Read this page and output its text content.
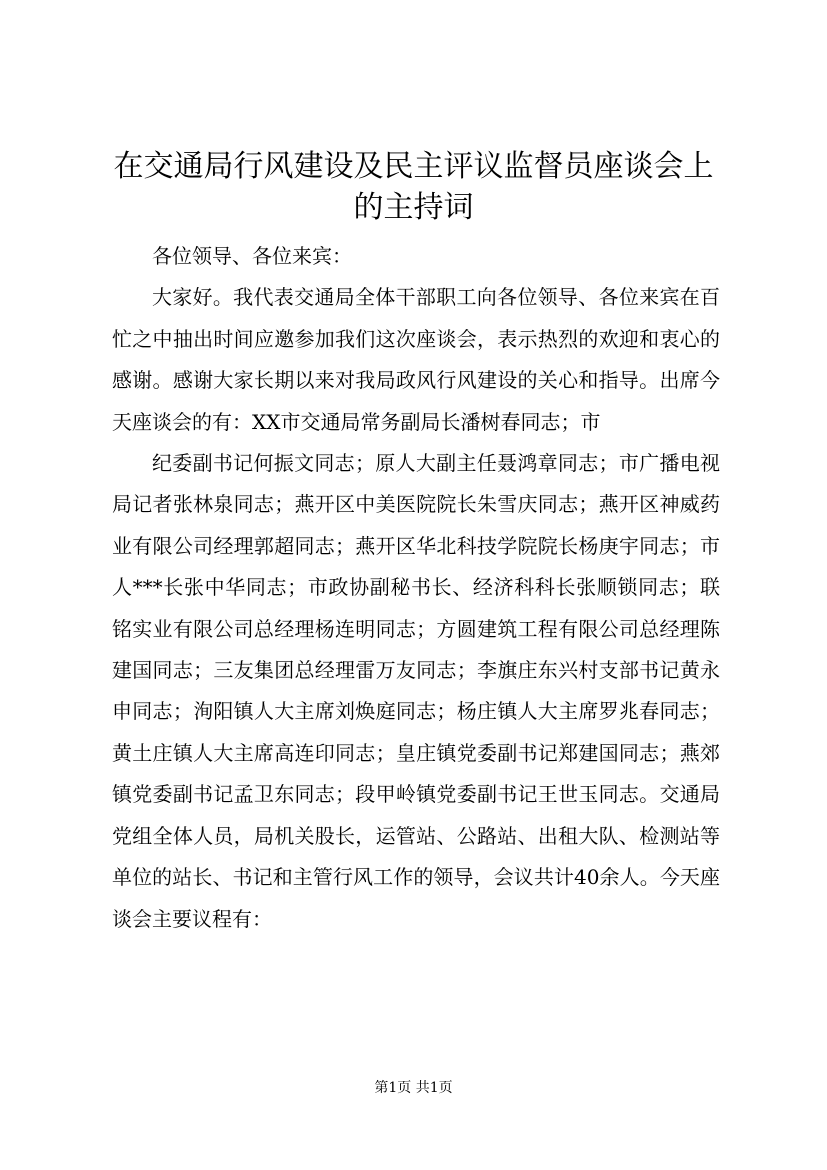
在交通局行风建设及民主评议监督员座谈会上的主持词

各位领导、各位来宾：

大家好。我代表交通局全体干部职工向各位领导、各位来宾在百忙之中抽出时间应邀参加我们这次座谈会，表示热烈的欢迎和衷心的感谢。感谢大家长期以来对我局政风行风建设的关心和指导。出席今天座谈会的有：XX市交通局常务副局长潘树春同志；市

纪委副书记何振文同志；原人大副主任聂鸿章同志；市广播电视局记者张林泉同志；燕开区中美医院院长朱雪庆同志；燕开区神威药业有限公司经理郭超同志；燕开区华北科技学院院长杨庚宇同志；市人***长张中华同志；市政协副秘书长、经济科科长张顺锁同志；联铭实业有限公司总经理杨连明同志；方圆建筑工程有限公司总经理陈建国同志；三友集团总经理雷万友同志；李旗庄东兴村支部书记黄永申同志；洵阳镇人大主席刘焕庭同志；杨庄镇人大主席罗兆春同志；黄土庄镇人大主席高连印同志；皇庄镇党委副书记郑建国同志；燕郊镇党委副书记孟卫东同志；段甲岭镇党委副书记王世玉同志。交通局党组全体人员，局机关股长，运管站、公路站、出租大队、检测站等单位的站长、书记和主管行风工作的领导，会议共计40余人。今天座谈会主要议程有：

第1页 共1页
